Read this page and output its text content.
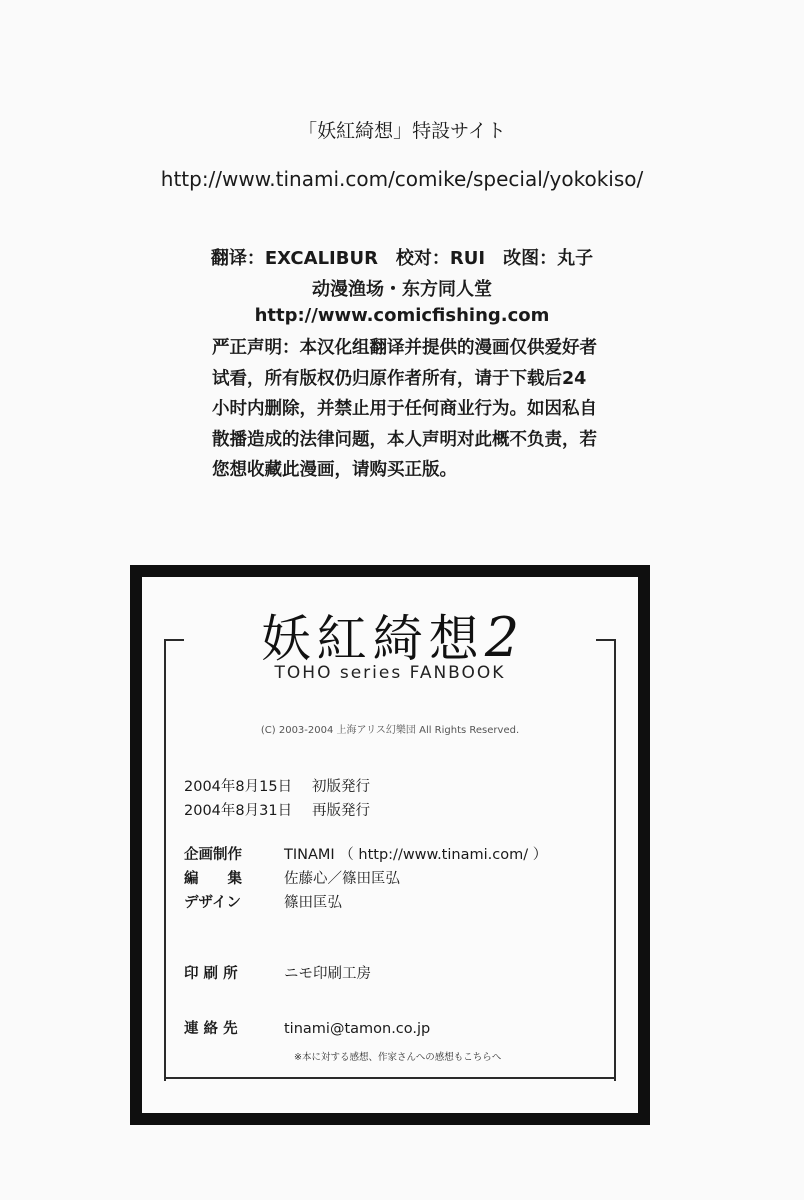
「妖紅綺想」特設サイト
http://www.tinami.com/comike/special/yokokiso/
翻译：EXCALIBUR　校对：RUI　改图：丸子
动漫渔场・东方同人堂
http://www.comicfishing.com
严正声明：本汉化组翻译并提供的漫画仅供爱好者
试看，所有版权仍归原作者所有，请于下载后24
小时内删除，并禁止用于任何商业行为。如因私自
散播造成的法律问题，本人声明对此概不负责，若
您想收藏此漫画，请购买正版。
妖紅綺想2
TOHO series FANBOOK
(C) 2003-2004 上海アリス幻樂団 All Rights Reserved.
2004年8月15日 初版発行
2004年8月31日 再版発行
企画制作	TINAMI （ http://www.tinami.com/ ）
編　　集	佐藤心／篠田匡弘
デザイン	篠田匡弘
印 刷 所	ニモ印刷工房
連 絡 先	tinami@tamon.co.jp
※本に対する感想、作家さんへの感想もこちらへ
